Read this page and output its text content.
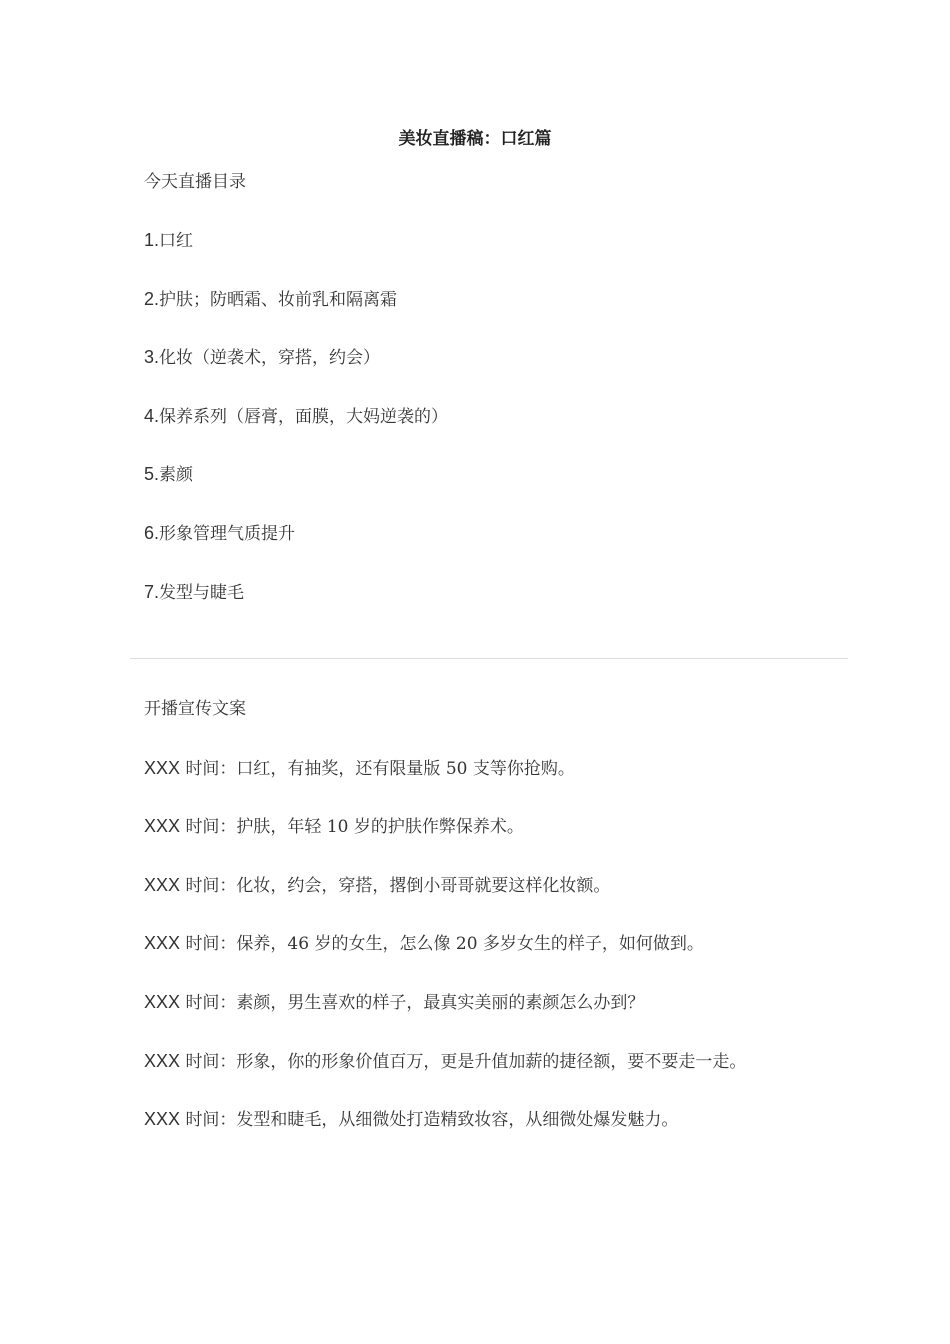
美妆直播稿：口红篇

今天直播目录

1.口红

2.护肤；防晒霜、妆前乳和隔离霜

3.化妆（逆袭术，穿搭，约会）

4.保养系列（唇膏，面膜，大妈逆袭的）

5.素颜

6.形象管理气质提升

7.发型与睫毛

开播宣传文案

XXX 时间：口红，有抽奖，还有限量版 50 支等你抢购。

XXX 时间：护肤，年轻 10 岁的护肤作弊保养术。

XXX 时间：化妆，约会，穿搭，撂倒小哥哥就要这样化妆额。

XXX 时间：保养，46 岁的女生，怎么像 20 多岁女生的样子，如何做到。

XXX 时间：素颜，男生喜欢的样子，最真实美丽的素颜怎么办到？

XXX 时间：形象，你的形象价值百万，更是升值加薪的捷径额，要不要走一走。

XXX 时间：发型和睫毛，从细微处打造精致妆容，从细微处爆发魅力。
